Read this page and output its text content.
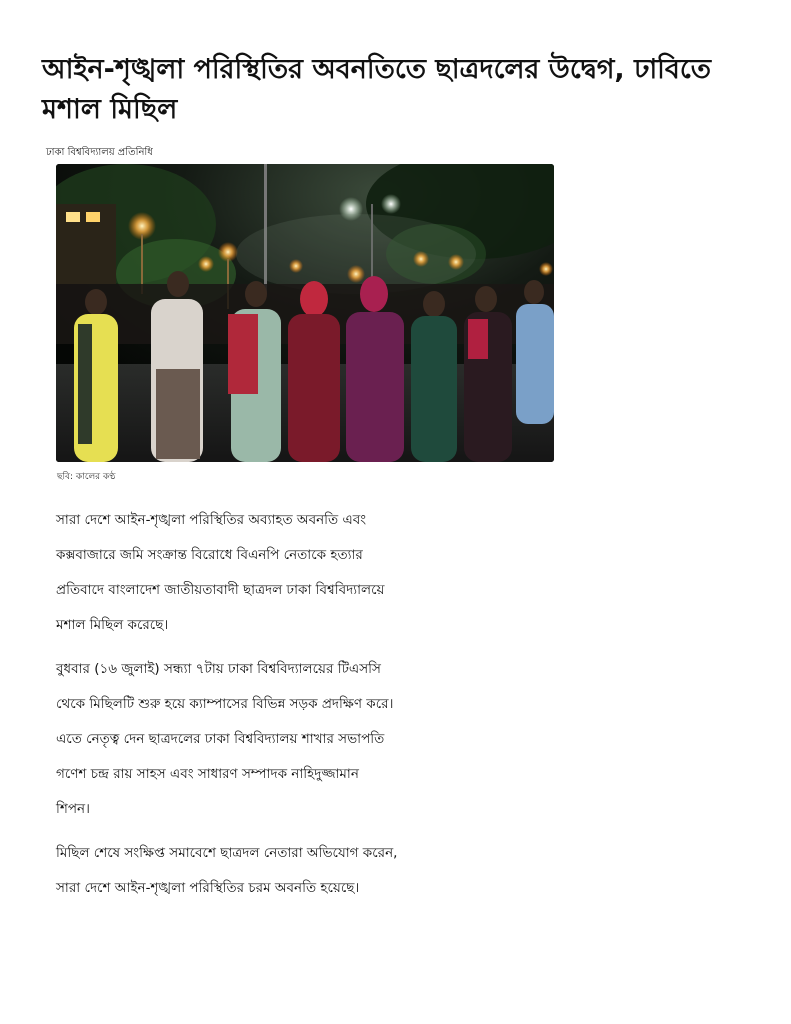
আইন-শৃঙ্খলা পরিস্থিতির অবনতিতে ছাত্রদলের উদ্বেগ, ঢাবিতে মশাল মিছিল
ঢাকা বিশ্ববিদ্যালয় প্রতিনিধি
ছবি: কালের কণ্ঠ

সারা দেশে আইন-শৃঙ্খলা পরিস্থিতির অব্যাহত অবনতি এবং
কক্সবাজারে জমি সংক্রান্ত বিরোধে বিএনপি নেতাকে হত্যার
প্রতিবাদে বাংলাদেশ জাতীয়তাবাদী ছাত্রদল ঢাকা বিশ্ববিদ্যালয়ে
মশাল মিছিল করেছে।

বুধবার (১৬ জুলাই) সন্ধ্যা ৭টায় ঢাকা বিশ্ববিদ্যালয়ের টিএসসি
থেকে মিছিলটি শুরু হয়ে ক্যাম্পাসের বিভিন্ন সড়ক প্রদক্ষিণ করে।
এতে নেতৃত্ব দেন ছাত্রদলের ঢাকা বিশ্ববিদ্যালয় শাখার সভাপতি
গণেশ চন্দ্র রায় সাহস এবং সাধারণ সম্পাদক নাহিদুজ্জামান
শিপন।

মিছিল শেষে সংক্ষিপ্ত সমাবেশে ছাত্রদল নেতারা অভিযোগ করেন,
সারা দেশে আইন-শৃঙ্খলা পরিস্থিতির চরম অবনতি হয়েছে।
